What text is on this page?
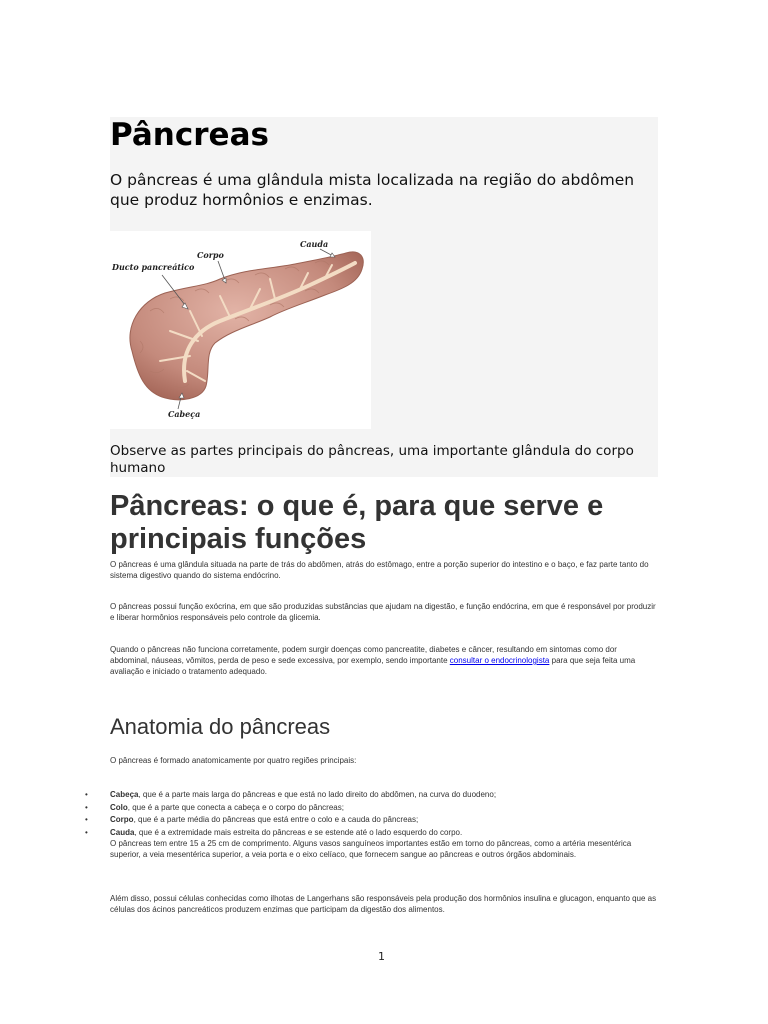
Pâncreas
O pâncreas é uma glândula mista localizada na região do abdômen que produz hormônios e enzimas.
Cauda
Corpo
Ducto pancreático
Cabeça
Observe as partes principais do pâncreas, uma importante glândula do corpo humano
Pâncreas: o que é, para que serve e principais funções
O pâncreas é uma glândula situada na parte de trás do abdômen, atrás do estômago, entre a porção superior do intestino e o baço, e faz parte tanto do sistema digestivo quando do sistema endócrino.
O pâncreas possui função exócrina, em que são produzidas substâncias que ajudam na digestão, e função endócrina, em que é responsável por produzir e liberar hormônios responsáveis pelo controle da glicemia.
Quando o pâncreas não funciona corretamente, podem surgir doenças como pancreatite, diabetes e câncer, resultando em sintomas como dor abdominal, náuseas, vômitos, perda de peso e sede excessiva, por exemplo, sendo importante consultar o endocrinologista para que seja feita uma avaliação e iniciado o tratamento adequado.
Anatomia do pâncreas
O pâncreas é formado anatomicamente por quatro regiões principais:
•	Cabeça, que é a parte mais larga do pâncreas e que está no lado direito do abdômen, na curva do duodeno;
•	Colo, que é a parte que conecta a cabeça e o corpo do pâncreas;
•	Corpo, que é a parte média do pâncreas que está entre o colo e a cauda do pâncreas;
•	Cauda, que é a extremidade mais estreita do pâncreas e se estende até o lado esquerdo do corpo.
O pâncreas tem entre 15 a 25 cm de comprimento. Alguns vasos sanguíneos importantes estão em torno do pâncreas, como a artéria mesentérica superior, a veia mesentérica superior, a veia porta e o eixo celíaco, que fornecem sangue ao pâncreas e outros órgãos abdominais.
Além disso, possui células conhecidas como ilhotas de Langerhans são responsáveis pela produção dos hormônios insulina e glucagon, enquanto que as células dos ácinos pancreáticos produzem enzimas que participam da digestão dos alimentos.
1
